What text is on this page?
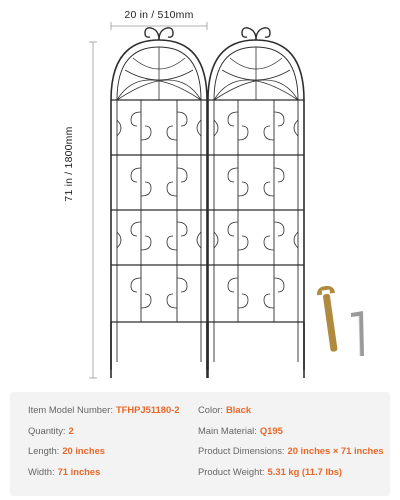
20 in / 510mm
71 in / 1800mm
Item Model Number: TFHPJ51180-2
Quantity: 2
Length: 20 inches
Width: 71 inches
Color: Black
Main Material: Q195
Product Dimensions: 20 inches × 71 inches
Product Weight: 5.31 kg (11.7 lbs)
